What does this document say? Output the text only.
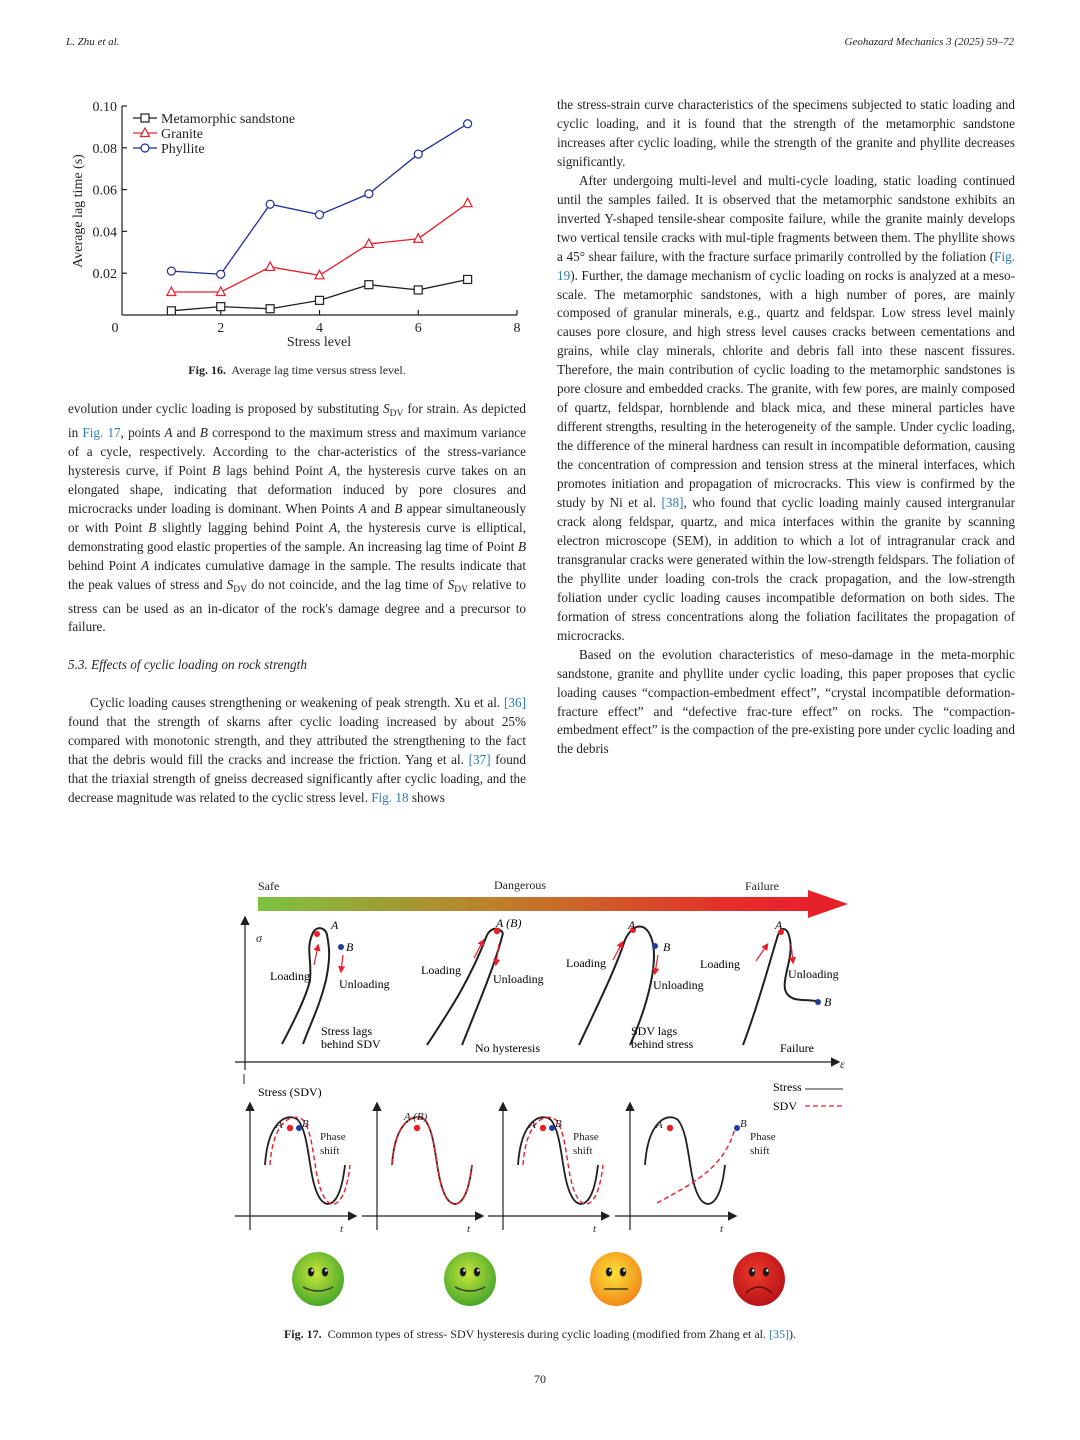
L. Zhu et al.	Geohazard Mechanics 3 (2025) 59–72
0.02
0.04
0.06
0.08
0.10
0	2	4	6	8
Stress level
Average lag time (s)
Metamorphic sandstone
Granite
Phyllite
Fig. 16. Average lag time versus stress level.

evolution under cyclic loading is proposed by substituting $S_{DV}$ for strain. As depicted in Fig. 17, points A and B correspond to the maximum stress and maximum variance of a cycle, respectively. According to the char-acteristics of the stress-variance hysteresis curve, if Point B lags behind Point A, the hysteresis curve takes on an elongated shape, indicating that deformation induced by pore closures and microcracks under loading is dominant. When Points A and B appear simultaneously or with Point B slightly lagging behind Point A, the hysteresis curve is elliptical, demonstrating good elastic properties of the sample. An increasing lag time of Point B behind Point A indicates cumulative damage in the sample. The results indicate that the peak values of stress and $S_{DV}$ do not coincide, and the lag time of $S_{DV}$ relative to stress can be used as an in-dicator of the rock's damage degree and a precursor to failure.

5.3. Effects of cyclic loading on rock strength

Cyclic loading causes strengthening or weakening of peak strength. Xu et al. [36] found that the strength of skarns after cyclic loading increased by about 25% compared with monotonic strength, and they attributed the strengthening to the fact that the debris would fill the cracks and increase the friction. Yang et al. [37] found that the triaxial strength of gneiss decreased significantly after cyclic loading, and the decrease magnitude was related to the cyclic stress level. Fig. 18 shows

the stress-strain curve characteristics of the specimens subjected to static loading and cyclic loading, and it is found that the strength of the metamorphic sandstone increases after cyclic loading, while the strength of the granite and phyllite decreases significantly.

After undergoing multi-level and multi-cycle loading, static loading continued until the samples failed. It is observed that the metamorphic sandstone exhibits an inverted Y-shaped tensile-shear composite failure, while the granite mainly develops two vertical tensile cracks with mul-tiple fragments between them. The phyllite shows a 45° shear failure, with the fracture surface primarily controlled by the foliation (Fig. 19). Further, the damage mechanism of cyclic loading on rocks is analyzed at a meso-scale. The metamorphic sandstones, with a high number of pores, are mainly composed of granular minerals, e.g., quartz and feldspar. Low stress level mainly causes pore closure, and high stress level causes cracks between cementations and grains, while clay minerals, chlorite and debris fall into these nascent fissures. Therefore, the main contribution of cyclic loading to the metamorphic sandstones is pore closure and embedded cracks. The granite, with few pores, are mainly composed of quartz, feldspar, hornblende and black mica, and these mineral particles have different strengths, resulting in the heterogeneity of the sample. Under cyclic loading, the difference of the mineral hardness can result in incompatible deformation, causing the concentration of compression and tension stress at the mineral interfaces, which promotes initiation and propagation of microcracks. This view is confirmed by the study by Ni et al. [38], who found that cyclic loading mainly caused intergranular crack along feldspar, quartz, and mica interfaces within the granite by scanning electron microscope (SEM), in addition to which a lot of intragranular crack and transgranular cracks were generated within the low-strength feldspars. The foliation of the phyllite under loading con-trols the crack propagation, and the low-strength foliation under cyclic loading causes incompatible deformation on both sides. The formation of stress concentrations along the foliation facilitates the propagation of microcracks.

Based on the evolution characteristics of meso-damage in the meta-morphic sandstone, granite and phyllite under cyclic loading, this paper proposes that cyclic loading causes “compaction-embedment effect”, “crystal incompatible deformation-fracture effect” and “defective frac-ture effect” on rocks. The “compaction-embedment effect” is the compaction of the pre-existing pore under cyclic loading and the debris

Safe	Dangerous	Failure
σ
ε
A
B
Loading
Unloading
Stress lags
behind SDV
A (B)
Loading
Unloading
No hysteresis
A
B
Loading
Unloading
SDV lags
behind stress
A
B
Loading
Unloading
Failure
Stress (SDV)	Stress
SDV
t
A B
Phase
shift
t
A (B)
t
A B
Phase
shift
t
A	B
Phase
shift
Fig. 17. Common types of stress- SDV hysteresis during cyclic loading (modified from Zhang et al. [35]).
70
